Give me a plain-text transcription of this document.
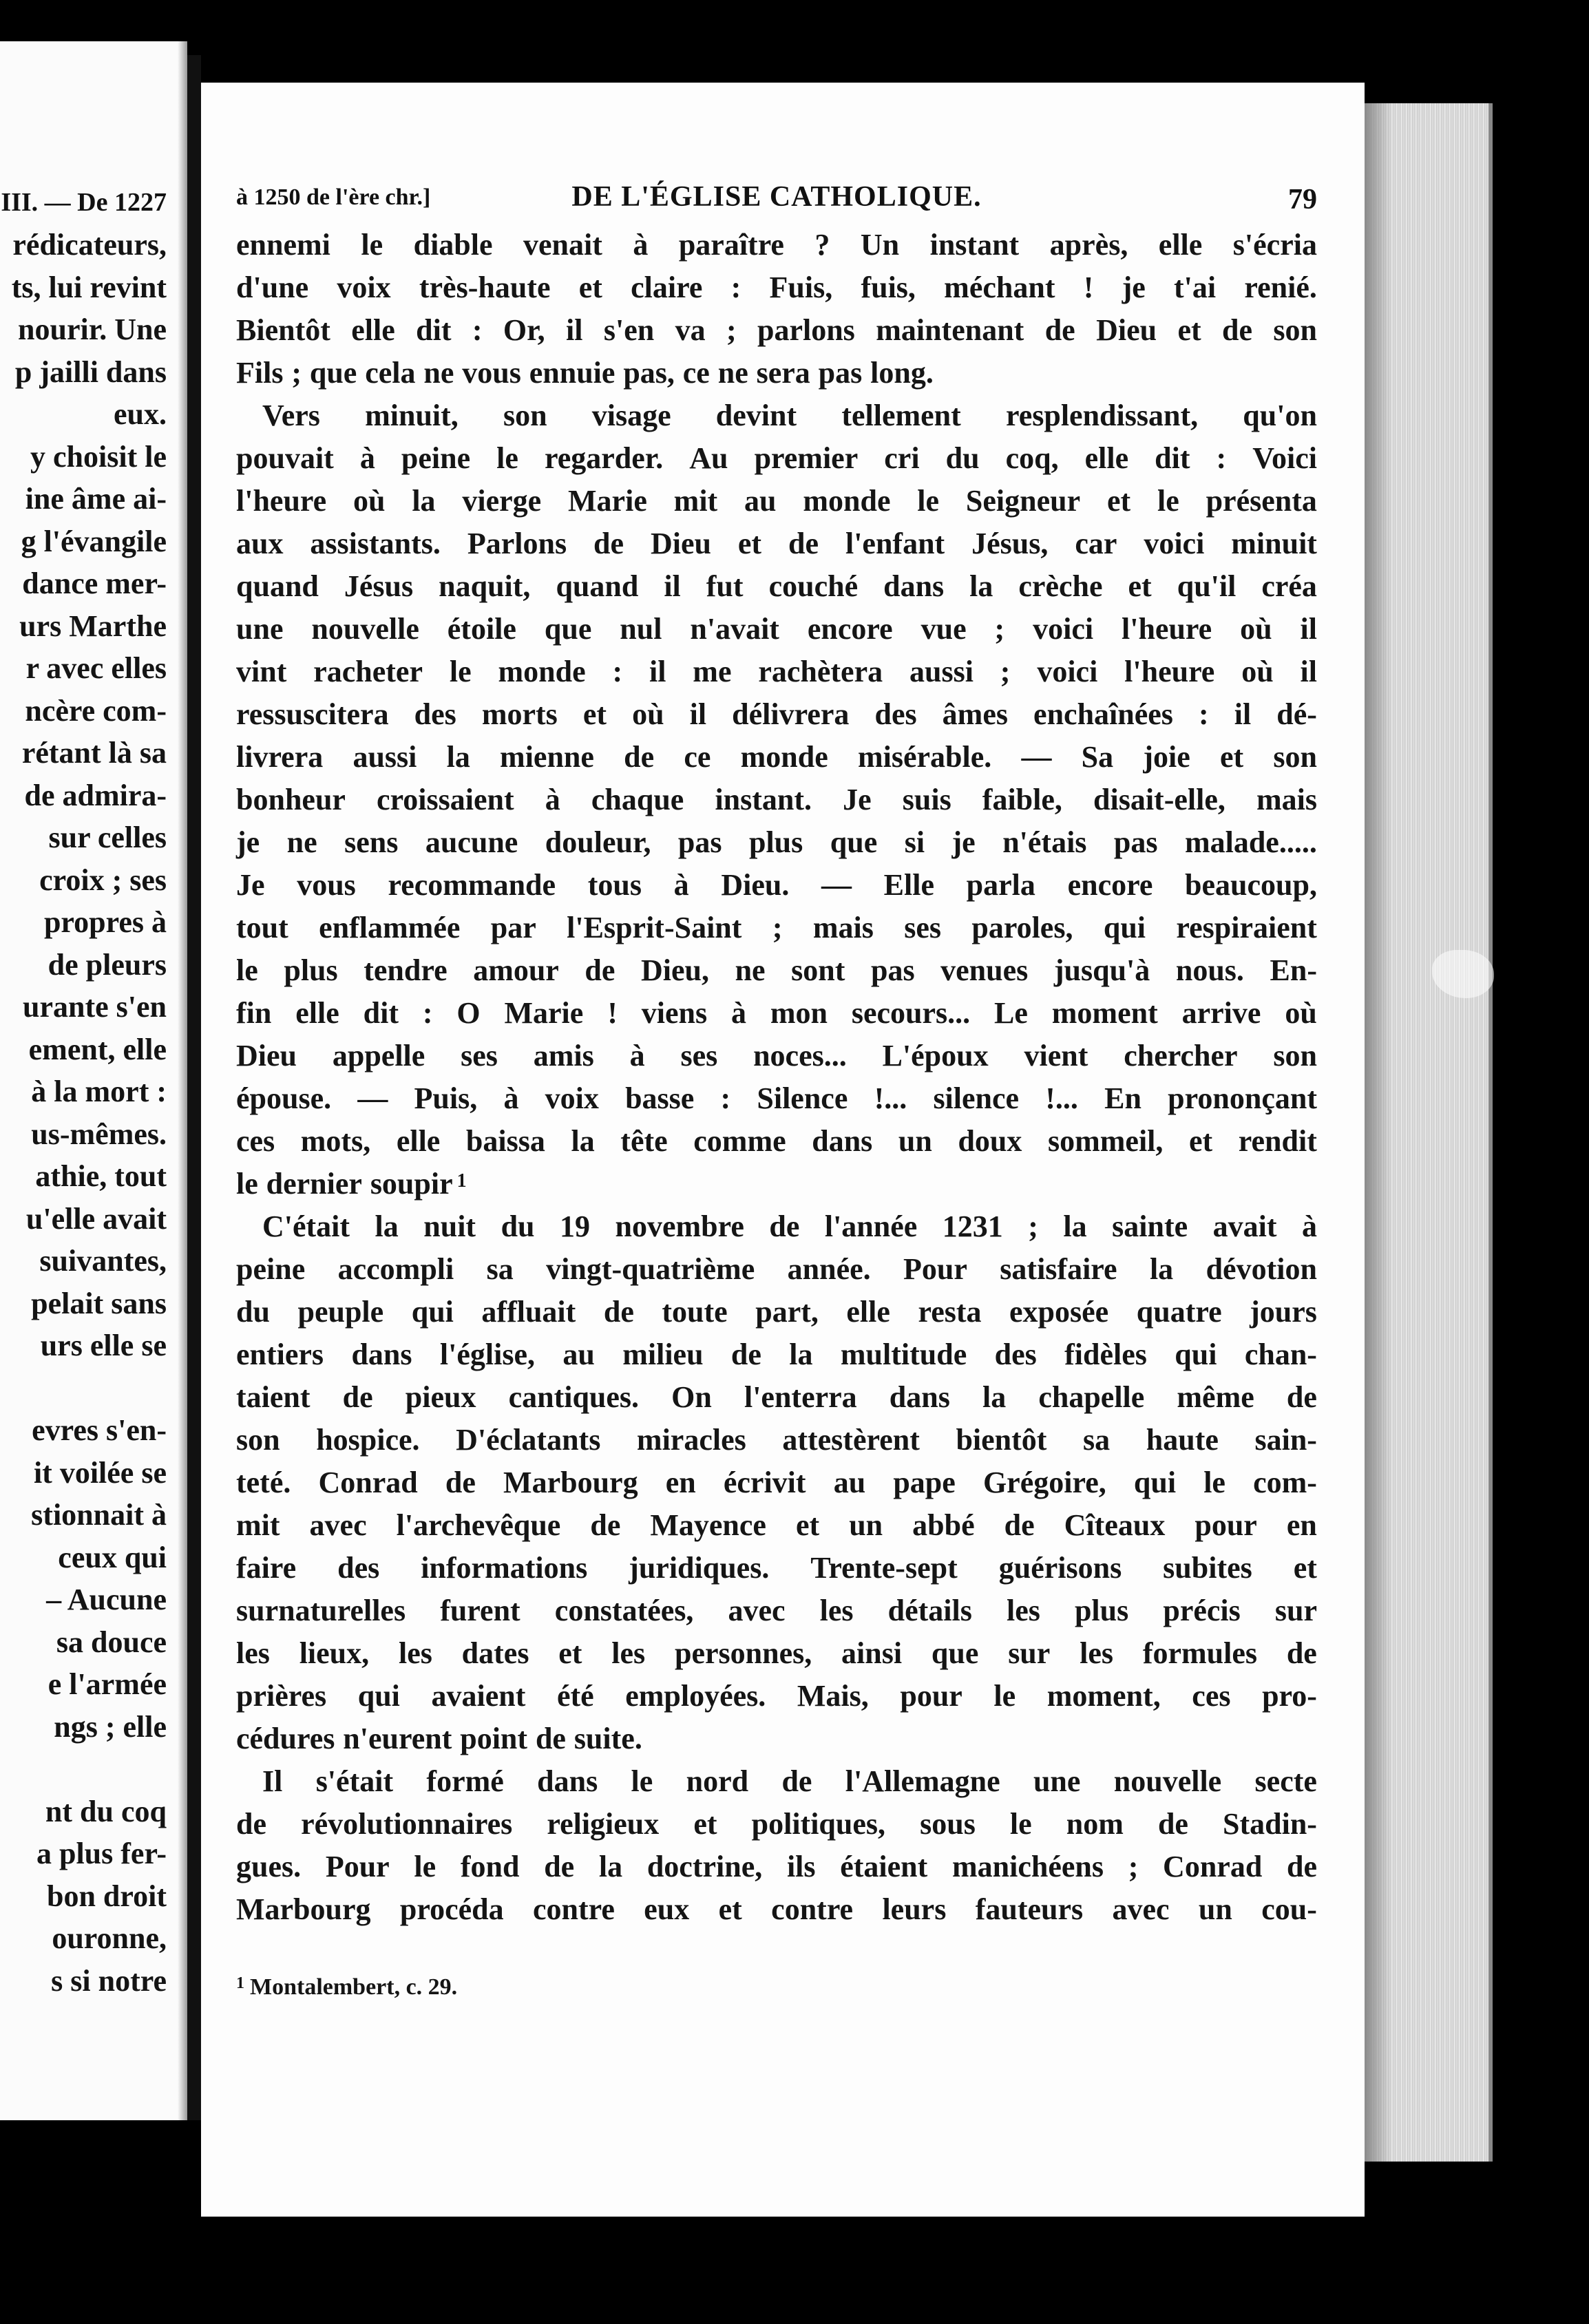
III. — De 1227
rédicateurs,
ts, lui revint
nourir. Une
p jailli dans
eux.
y choisit le
ine âme ai-
g l'évangile
dance mer-
urs Marthe
r avec elles
ncère com-
rétant là sa
de admira-
sur celles
croix ; ses
propres à
de pleurs
urante s'en
ement, elle
à la mort :
us-mêmes.
athie, tout
u'elle avait
suivantes,
pelait sans
urs elle se
evres s'en-
it voilée se
stionnait à
ceux qui
– Aucune
sa douce
e l'armée
ngs ; elle
nt du coq
a plus fer-
bon droit
ouronne,
s si notre
à 1250 de l'ère chr.]	DE L'ÉGLISE CATHOLIQUE.	79
ennemi le diable venait à paraître ? Un instant après, elle s'écria
d'une voix très-haute et claire : Fuis, fuis, méchant ! je t'ai renié.
Bientôt elle dit : Or, il s'en va ; parlons maintenant de Dieu et de son
Fils ; que cela ne vous ennuie pas, ce ne sera pas long.
Vers minuit, son visage devint tellement resplendissant, qu'on
pouvait à peine le regarder. Au premier cri du coq, elle dit : Voici
l'heure où la vierge Marie mit au monde le Seigneur et le présenta
aux assistants. Parlons de Dieu et de l'enfant Jésus, car voici minuit
quand Jésus naquit, quand il fut couché dans la crèche et qu'il créa
une nouvelle étoile que nul n'avait encore vue ; voici l'heure où il
vint racheter le monde : il me rachètera aussi ; voici l'heure où il
ressuscitera des morts et où il délivrera des âmes enchaînées : il dé-
livrera aussi la mienne de ce monde misérable. — Sa joie et son
bonheur croissaient à chaque instant. Je suis faible, disait-elle, mais
je ne sens aucune douleur, pas plus que si je n'étais pas malade.....
Je vous recommande tous à Dieu. — Elle parla encore beaucoup,
tout enflammée par l'Esprit-Saint ; mais ses paroles, qui respiraient
le plus tendre amour de Dieu, ne sont pas venues jusqu'à nous. En-
fin elle dit : O Marie ! viens à mon secours... Le moment arrive où
Dieu appelle ses amis à ses noces... L'époux vient chercher son
épouse. — Puis, à voix basse : Silence !... silence !... En prononçant
ces mots, elle baissa la tête comme dans un doux sommeil, et rendit
le dernier soupir $^1$
C'était la nuit du 19 novembre de l'année 1231 ; la sainte avait à
peine accompli sa vingt-quatrième année. Pour satisfaire la dévotion
du peuple qui affluait de toute part, elle resta exposée quatre jours
entiers dans l'église, au milieu de la multitude des fidèles qui chan-
taient de pieux cantiques. On l'enterra dans la chapelle même de
son hospice. D'éclatants miracles attestèrent bientôt sa haute sain-
teté. Conrad de Marbourg en écrivit au pape Grégoire, qui le com-
mit avec l'archevêque de Mayence et un abbé de Cîteaux pour en
faire des informations juridiques. Trente-sept guérisons subites et
surnaturelles furent constatées, avec les détails les plus précis sur
les lieux, les dates et les personnes, ainsi que sur les formules de
prières qui avaient été employées. Mais, pour le moment, ces pro-
cédures n'eurent point de suite.
Il s'était formé dans le nord de l'Allemagne une nouvelle secte
de révolutionnaires religieux et politiques, sous le nom de Stadin-
gues. Pour le fond de la doctrine, ils étaient manichéens ; Conrad de
Marbourg procéda contre eux et contre leurs fauteurs avec un cou-
$^1$ Montalembert, c. 29.
